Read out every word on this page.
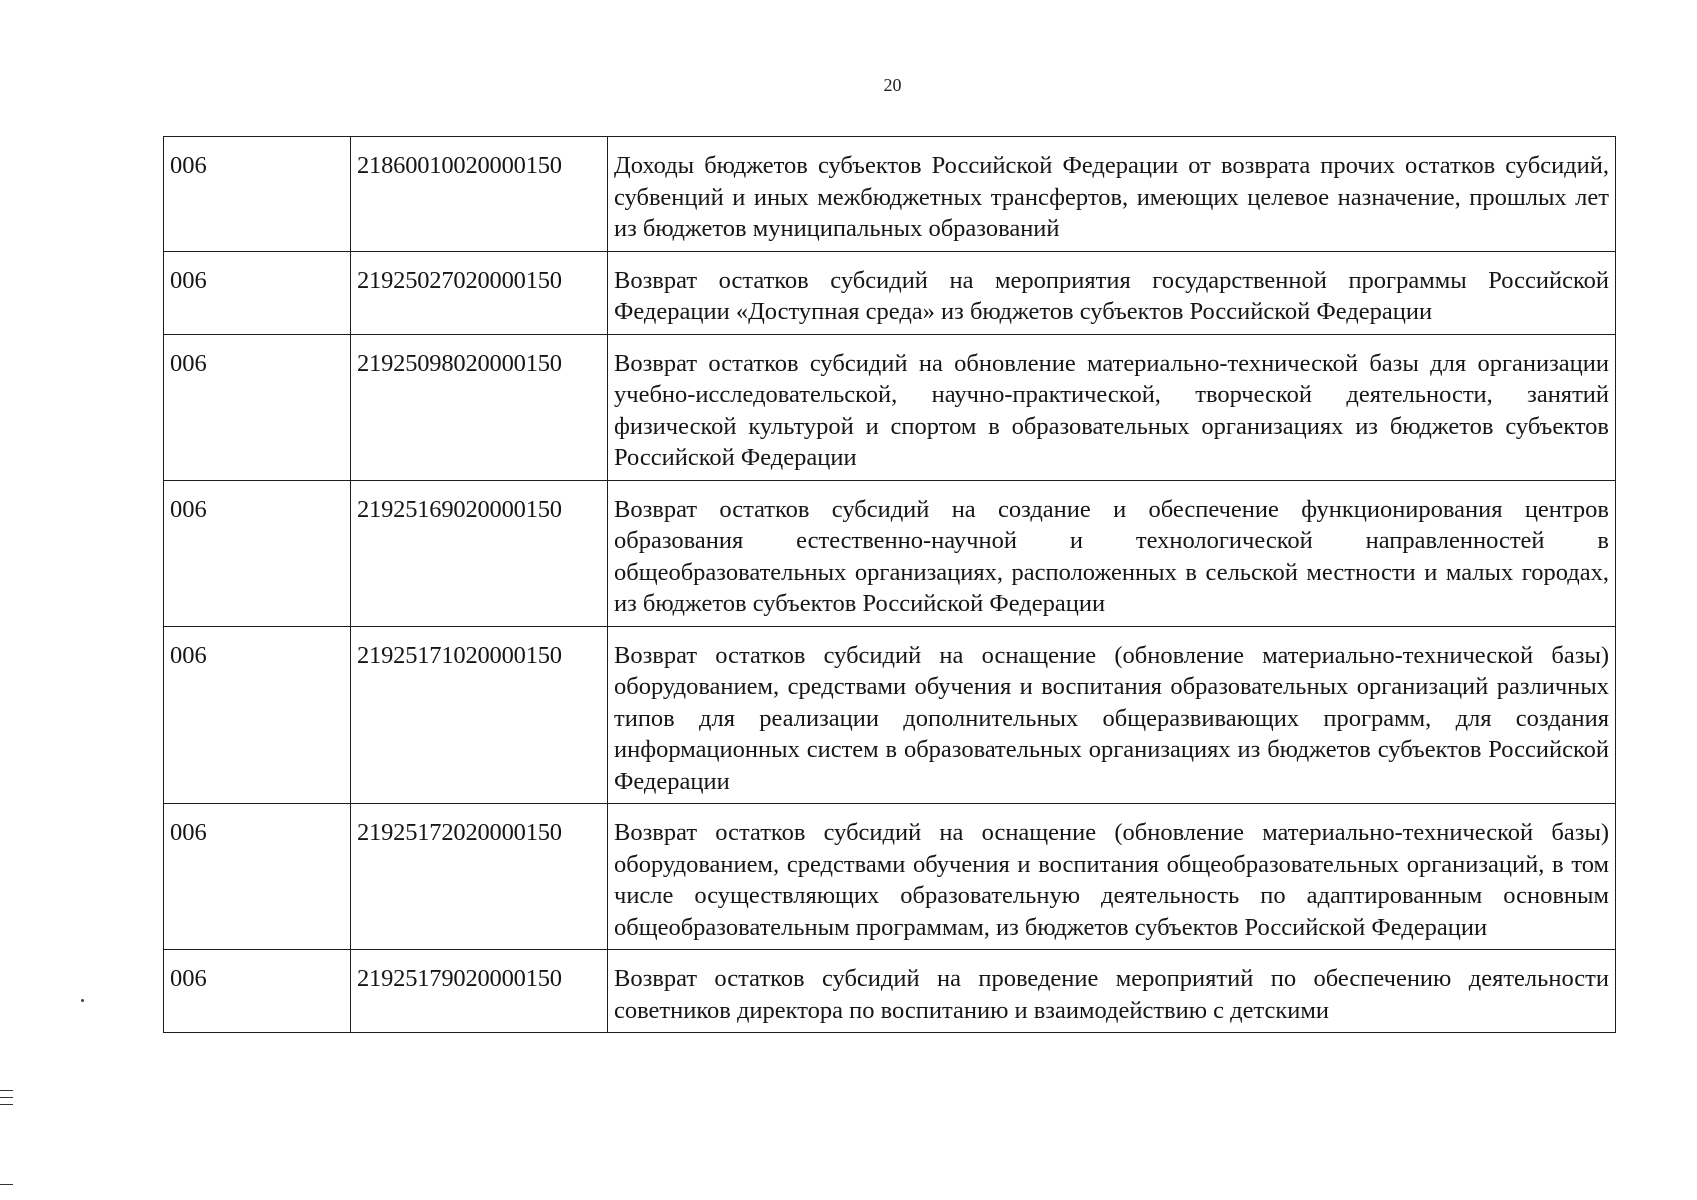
20
006	21860010020000150	Доходы бюджетов субъектов Российской Федерации от возврата прочих остатков субсидий, субвенций и иных межбюджетных трансфертов, имеющих целевое назначение, прошлых лет из бюджетов муниципальных образований
006	21925027020000150	Возврат остатков субсидий на мероприятия государственной программы Российской Федерации «Доступная среда» из бюджетов субъектов Российской Федерации
006	21925098020000150	Возврат остатков субсидий на обновление материально-технической базы для организации учебно-исследовательской, научно-практической, творческой деятельности, занятий физической культурой и спортом в образовательных организациях из бюджетов субъектов Российской Федерации
006	21925169020000150	Возврат остатков субсидий на создание и обеспечение функционирования центров образования естественно-научной и технологической направленностей в общеобразовательных организациях, расположенных в сельской местности и малых городах, из бюджетов субъектов Российской Федерации
006	21925171020000150	Возврат остатков субсидий на оснащение (обновление материально-технической базы) оборудованием, средствами обучения и воспитания образовательных организаций различных типов для реализации дополнительных общеразвивающих программ, для создания информационных систем в образовательных организациях из бюджетов субъектов Российской Федерации
006	21925172020000150	Возврат остатков субсидий на оснащение (обновление материально-технической базы) оборудованием, средствами обучения и воспитания общеобразовательных организаций, в том числе осуществляющих образовательную деятельность по адаптированным основным общеобразовательным программам, из бюджетов субъектов Российской Федерации
006	21925179020000150	Возврат остатков субсидий на проведение мероприятий по обеспечению деятельности советников директора по воспитанию и взаимодействию с детскими
